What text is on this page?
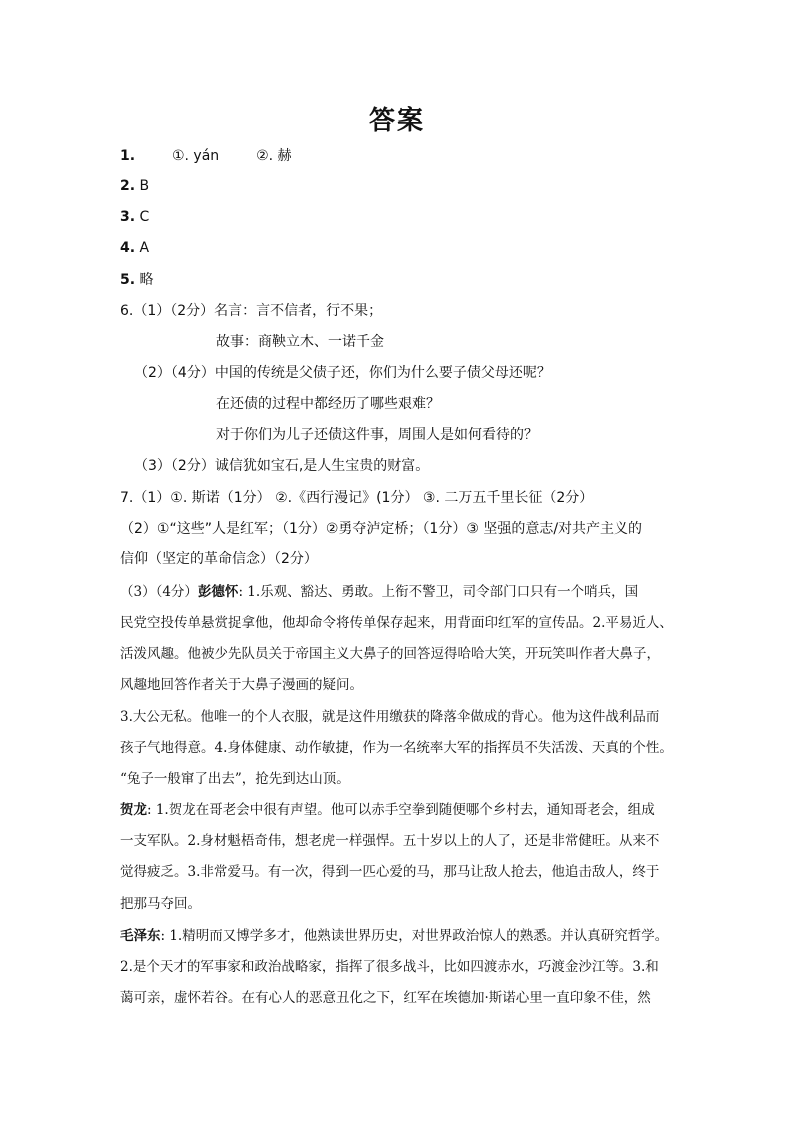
答案
1.	①. yán	②. 赫
2. B
3. C
4. A
5. 略
6.（1）（2分）名言：言不信者，行不果；
故事：商鞅立木、一诺千金
（2）（4分）中国的传统是父债子还，你们为什么要子债父母还呢？
在还债的过程中都经历了哪些艰难？
对于你们为儿子还债这件事，周围人是如何看待的？
（3）（2分）诚信犹如宝石,是人生宝贵的财富。
7.（1）①. 斯诺（1分） ②.《西行漫记》(1分） ③. 二万五千里长征（2分）
（2）①“这些”人是红军；（1分）②勇夺泸定桥；（1分）③ 坚强的意志/对共产主义的
信仰（坚定的革命信念）（2分）
（3）（4分）彭德怀: 1.乐观、豁达、勇敢。上衔不警卫，司令部门口只有一个哨兵，国
民党空投传单悬赏捉拿他，他却命令将传单保存起来，用背面印红军的宣传品。2.平易近人、
活泼风趣。他被少先队员关于帝国主义大鼻子的回答逗得哈哈大笑，开玩笑叫作者大鼻子，
风趣地回答作者关于大鼻子漫画的疑问。
3.大公无私。他唯一的个人衣服，就是这件用缴获的降落伞做成的背心。他为这件战利品而
孩子气地得意。4.身体健康、动作敏捷，作为一名统率大军的指挥员不失活泼、天真的个性。
“兔子一般窜了出去”，抢先到达山顶。
贺龙: 1.贺龙在哥老会中很有声望。他可以赤手空拳到随便哪个乡村去，通知哥老会，组成
一支军队。2.身材魁梧奇伟，想老虎一样强悍。五十岁以上的人了，还是非常健旺。从来不
觉得疲乏。3.非常爱马。有一次，得到一匹心爱的马，那马让敌人抢去，他追击敌人，终于
把那马夺回。
毛泽东: 1.精明而又博学多才，他熟读世界历史，对世界政治惊人的熟悉。并认真研究哲学。
2.是个天才的军事家和政治战略家，指挥了很多战斗，比如四渡赤水，巧渡金沙江等。3.和
蔼可亲，虚怀若谷。在有心人的恶意丑化之下，红军在埃德加·斯诺心里一直印象不佳，然
